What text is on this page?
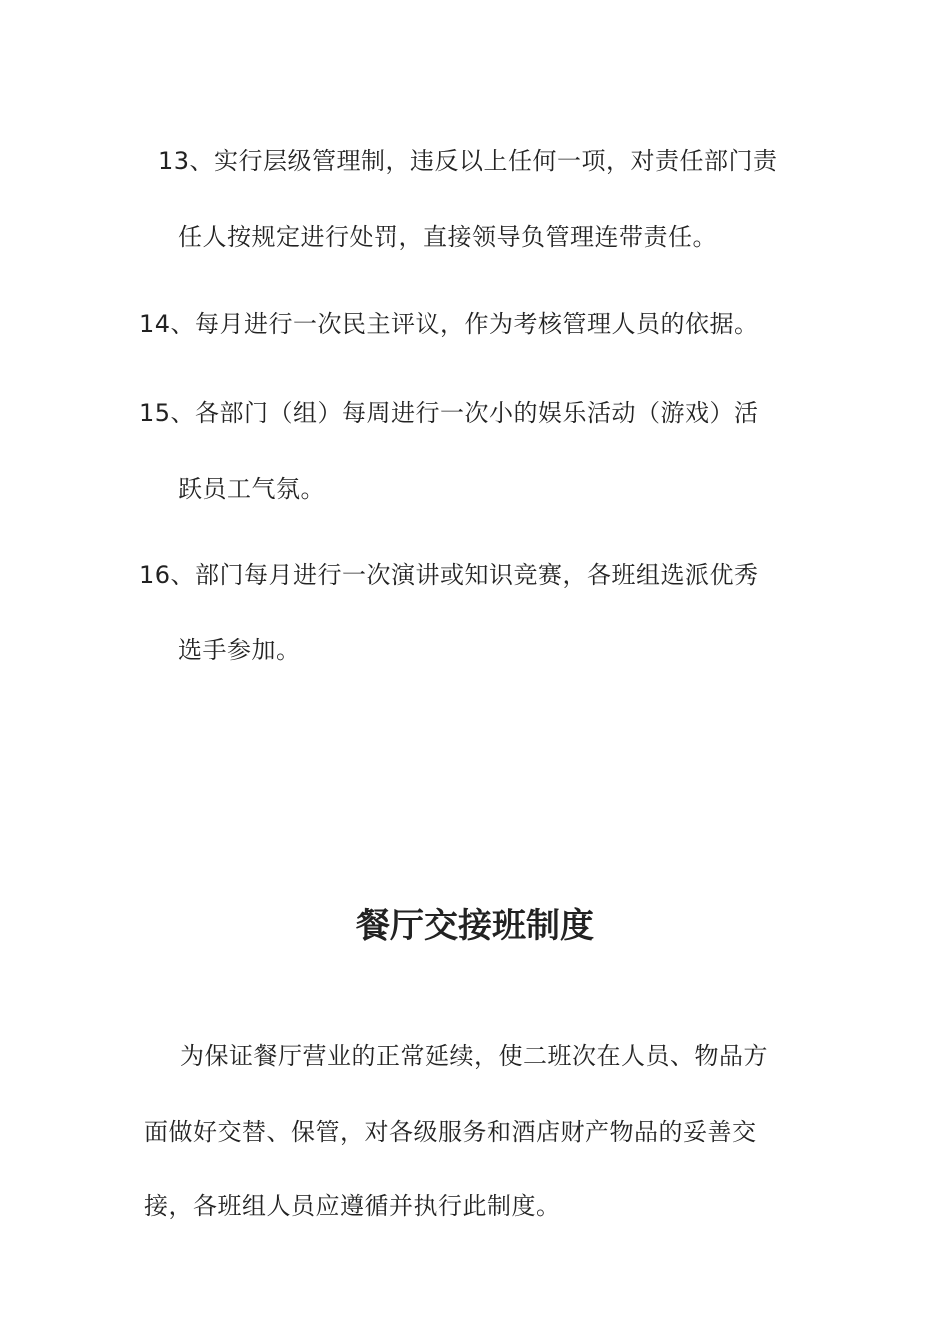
13、实行层级管理制，违反以上任何一项，对责任部门责
任人按规定进行处罚，直接领导负管理连带责任。
14、每月进行一次民主评议，作为考核管理人员的依据。
15、各部门（组）每周进行一次小的娱乐活动（游戏）活
跃员工气氛。
16、部门每月进行一次演讲或知识竞赛，各班组选派优秀
选手参加。
餐厅交接班制度
为保证餐厅营业的正常延续，使二班次在人员、物品方
面做好交替、保管，对各级服务和酒店财产物品的妥善交
接，各班组人员应遵循并执行此制度。
